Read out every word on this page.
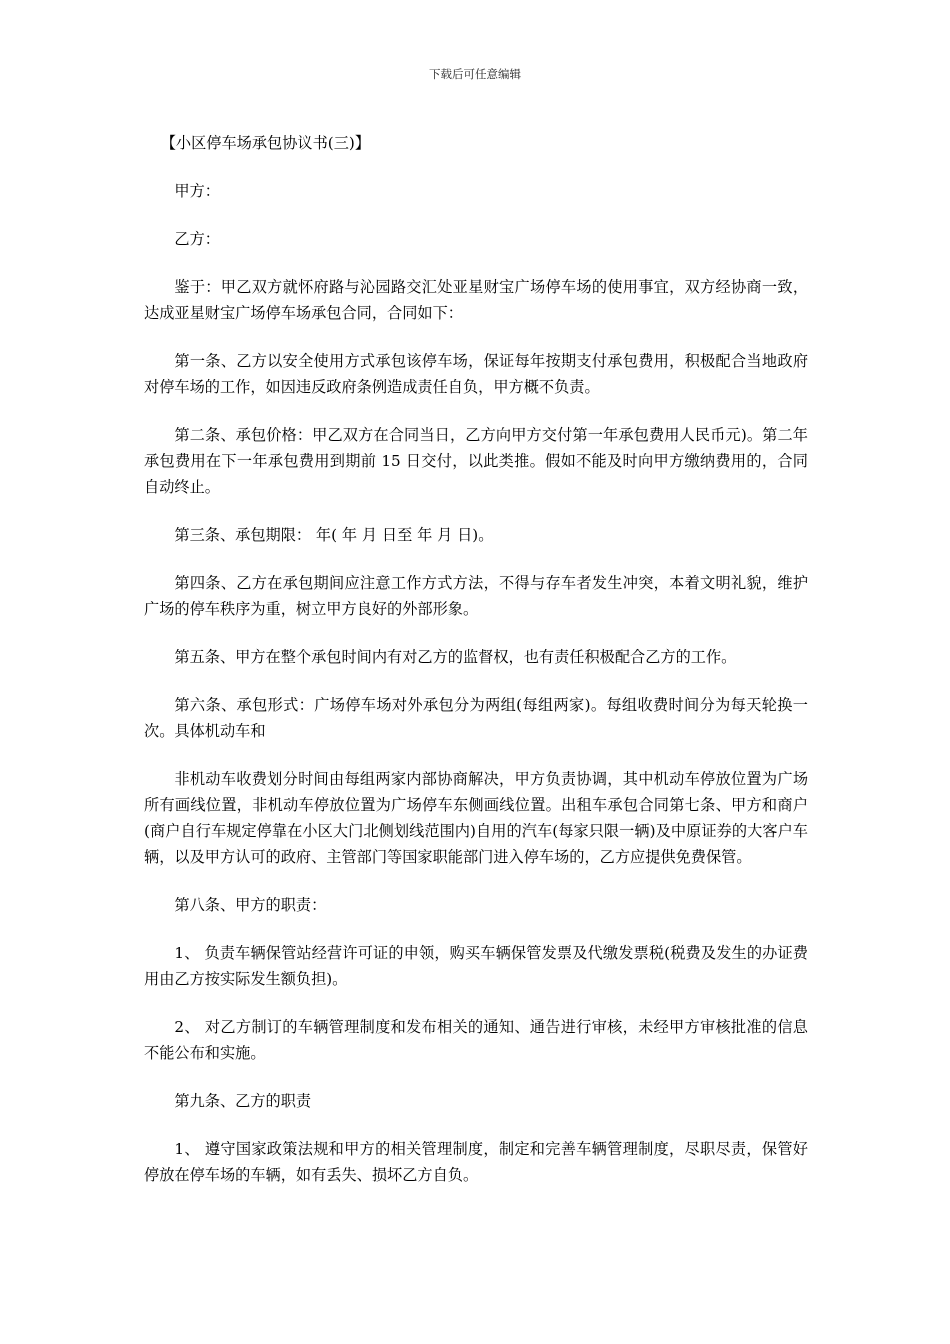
下载后可任意编辑

【小区停车场承包协议书(三)】

甲方：

乙方：

鉴于：甲乙双方就怀府路与沁园路交汇处亚星财宝广场停车场的使用事宜，双方经协商一致，达成亚星财宝广场停车场承包合同，合同如下：

第一条、乙方以安全使用方式承包该停车场，保证每年按期支付承包费用，积极配合当地政府对停车场的工作，如因违反政府条例造成责任自负，甲方概不负责。

第二条、承包价格：甲乙双方在合同当日，乙方向甲方交付第一年承包费用人民币元)。第二年承包费用在下一年承包费用到期前 15 日交付，以此类推。假如不能及时向甲方缴纳费用的，合同自动终止。

第三条、承包期限： 年( 年 月 日至 年 月 日)。

第四条、乙方在承包期间应注意工作方式方法，不得与存车者发生冲突，本着文明礼貌，维护广场的停车秩序为重，树立甲方良好的外部形象。

第五条、甲方在整个承包时间内有对乙方的监督权，也有责任积极配合乙方的工作。

第六条、承包形式：广场停车场对外承包分为两组(每组两家)。每组收费时间分为每天轮换一次。具体机动车和

非机动车收费划分时间由每组两家内部协商解决，甲方负责协调，其中机动车停放位置为广场所有画线位置，非机动车停放位置为广场停车东侧画线位置。出租车承包合同第七条、甲方和商户(商户自行车规定停靠在小区大门北侧划线范围内)自用的汽车(每家只限一辆)及中原证券的大客户车辆，以及甲方认可的政府、主管部门等国家职能部门进入停车场的，乙方应提供免费保管。

第八条、甲方的职责：

1、 负责车辆保管站经营许可证的申领，购买车辆保管发票及代缴发票税(税费及发生的办证费用由乙方按实际发生额负担)。

2、 对乙方制订的车辆管理制度和发布相关的通知、通告进行审核，未经甲方审核批准的信息不能公布和实施。

第九条、乙方的职责

1、 遵守国家政策法规和甲方的相关管理制度，制定和完善车辆管理制度，尽职尽责，保管好停放在停车场的车辆，如有丢失、损坏乙方自负。
